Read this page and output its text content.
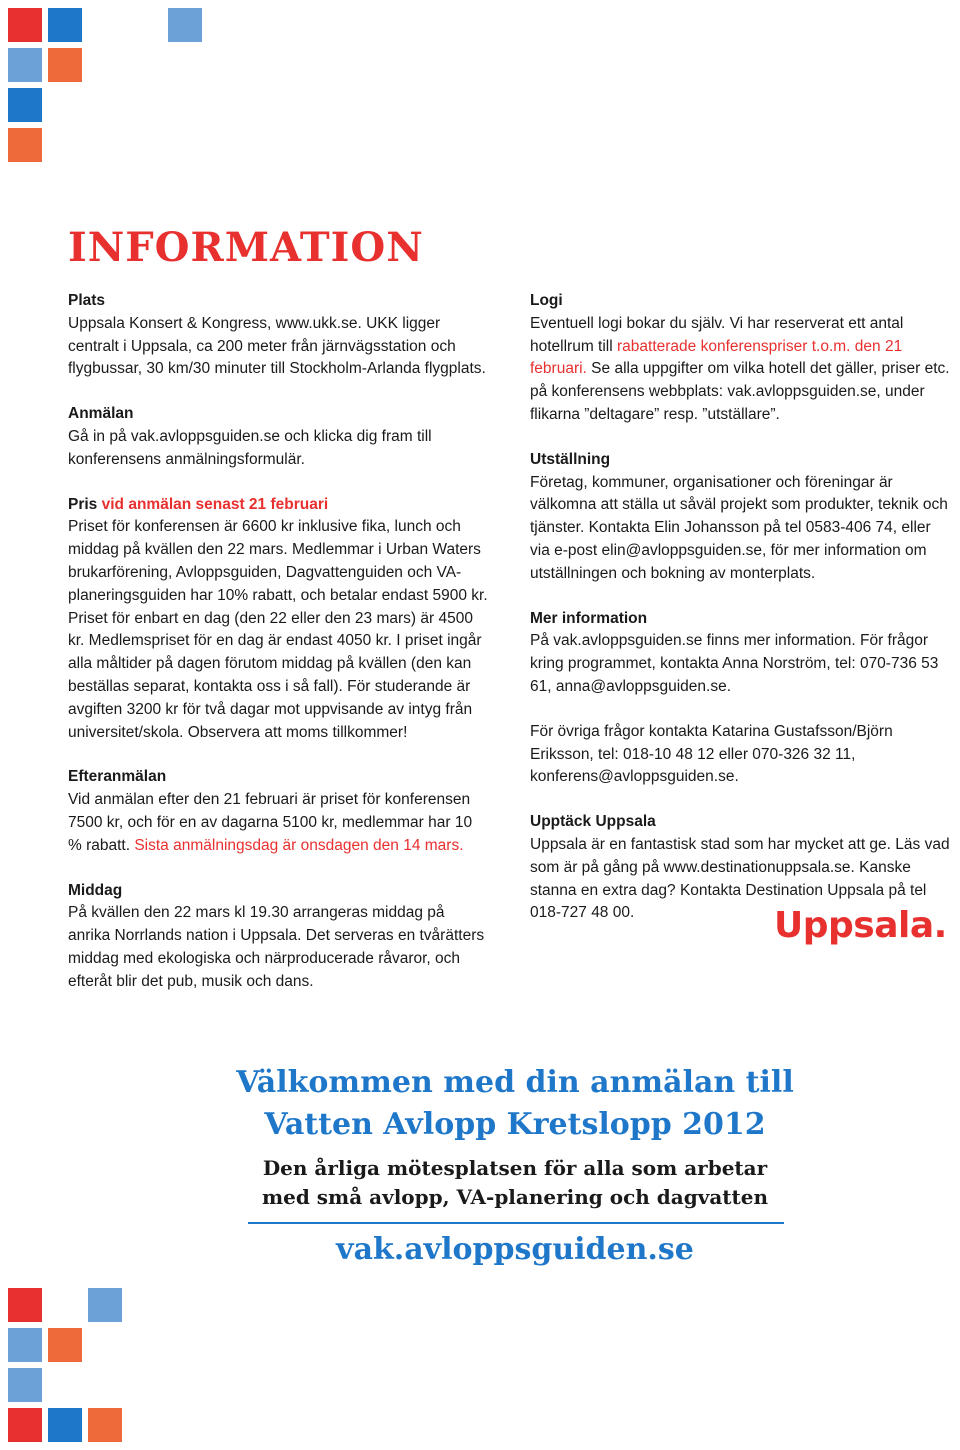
INFORMATION
Plats

Uppsala Konsert & Kongress, www.ukk.se. UKK ligger centralt i Uppsala, ca 200 meter från järnvägsstation och flygbussar, 30 km/30 minuter till Stockholm-Arlanda flygplats.

Anmälan

Gå in på vak.avloppsguiden.se och klicka dig fram till konferensens anmälningsformulär.

Pris vid anmälan senast 21 februari

Priset för konferensen är 6600 kr inklusive fika, lunch och middag på kvällen den 22 mars. Medlemmar i Urban Waters brukarförening, Avloppsguiden, Dagvattenguiden och VA-planeringsguiden har 10% rabatt, och betalar endast 5900 kr. Priset för enbart en dag (den 22 eller den 23 mars) är 4500 kr. Medlemspriset för en dag är endast 4050 kr. I priset ingår alla måltider på dagen förutom middag på kvällen (den kan beställas separat, kontakta oss i så fall). För studerande är avgiften 3200 kr för två dagar mot uppvisande av intyg från universitet/skola. Observera att moms tillkommer!

Efteranmälan

Vid anmälan efter den 21 februari är priset för konferensen 7500 kr, och för en av dagarna 5100 kr, medlemmar har 10 % rabatt. Sista anmälningsdag är onsdagen den 14 mars.

Middag

På kvällen den 22 mars kl 19.30 arrangeras middag på anrika Norrlands nation i Uppsala. Det serveras en tvårätters middag med ekologiska och närproducerade råvaror, och efteråt blir det pub, musik och dans.

Logi

Eventuell logi bokar du själv. Vi har reserverat ett antal hotellrum till rabatterade konferenspriser t.o.m. den 21 februari. Se alla uppgifter om vilka hotell det gäller, priser etc. på konferensens webbplats: vak.avloppsguiden.se, under flikarna ”deltagare” resp. ”utställare”.

Utställning

Företag, kommuner, organisationer och föreningar är välkomna att ställa ut såväl projekt som produkter, teknik och tjänster. Kontakta Elin Johansson på tel 0583-406 74, eller via e-post elin@avloppsguiden.se, för mer information om utställningen och bokning av monterplats.

Mer information

På vak.avloppsguiden.se finns mer information. För frågor kring programmet, kontakta Anna Norström, tel: 070-736 53 61, anna@avloppsguiden.se.

För övriga frågor kontakta Katarina Gustafsson/Björn Eriksson, tel: 018-10 48 12 eller 070-326 32 11, konferens@avloppsguiden.se.

Upptäck Uppsala

Uppsala är en fantastisk stad som har mycket att ge. Läs vad som är på gång på www.destinationuppsala.se. Kanske stanna en extra dag? Kontakta Destination Uppsala på tel 018-727 48 00.	Uppsala.
Välkommen med din anmälan till
Vatten Avlopp Kretslopp 2012

Den årliga mötesplatsen för alla som arbetar
med små avlopp, VA-planering och dagvatten

vak.avloppsguiden.se
